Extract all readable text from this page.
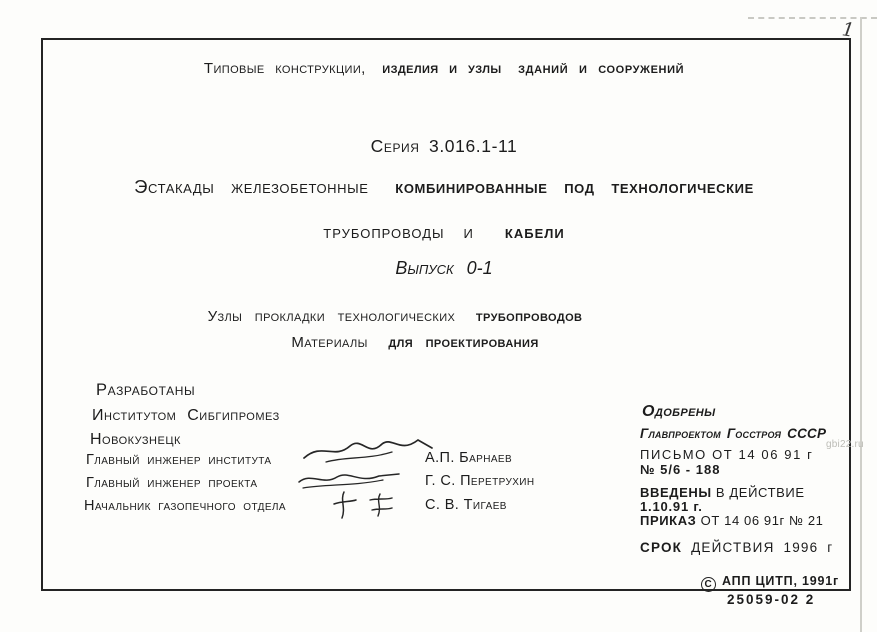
1
Типовые конструкции, изделия и узлы зданий и сооружений
Серия 3.016.1-11
Эстакады железобетонные комбинированные под технологические
трубопроводы и кабели
Выпуск 0-1
Узлы прокладки технологических трубопроводов
Материалы для проектирования
Разработаны
Институтом Сибгипромез
Новокузнецк
Главный инженер института
Главный инженер проекта
Начальник газопечного отдела
А.П. Барнаев
Г. С. Перетрухин
С. В. Тигаев
Одобрены
Главпроектом Госстроя СССР
ПИСЬМО ОТ 14 06 91 г
№ 5/6 - 188
ВВЕДЕНЫ В ДЕЙСТВИЕ
1.10.91 г.
ПРИКАЗ ОТ 14 06 91г № 21
СРОК ДЕЙСТВИЯ 1996 г
gbi22.ru
C АПП ЦИТП, 1991г
25059-02 2
